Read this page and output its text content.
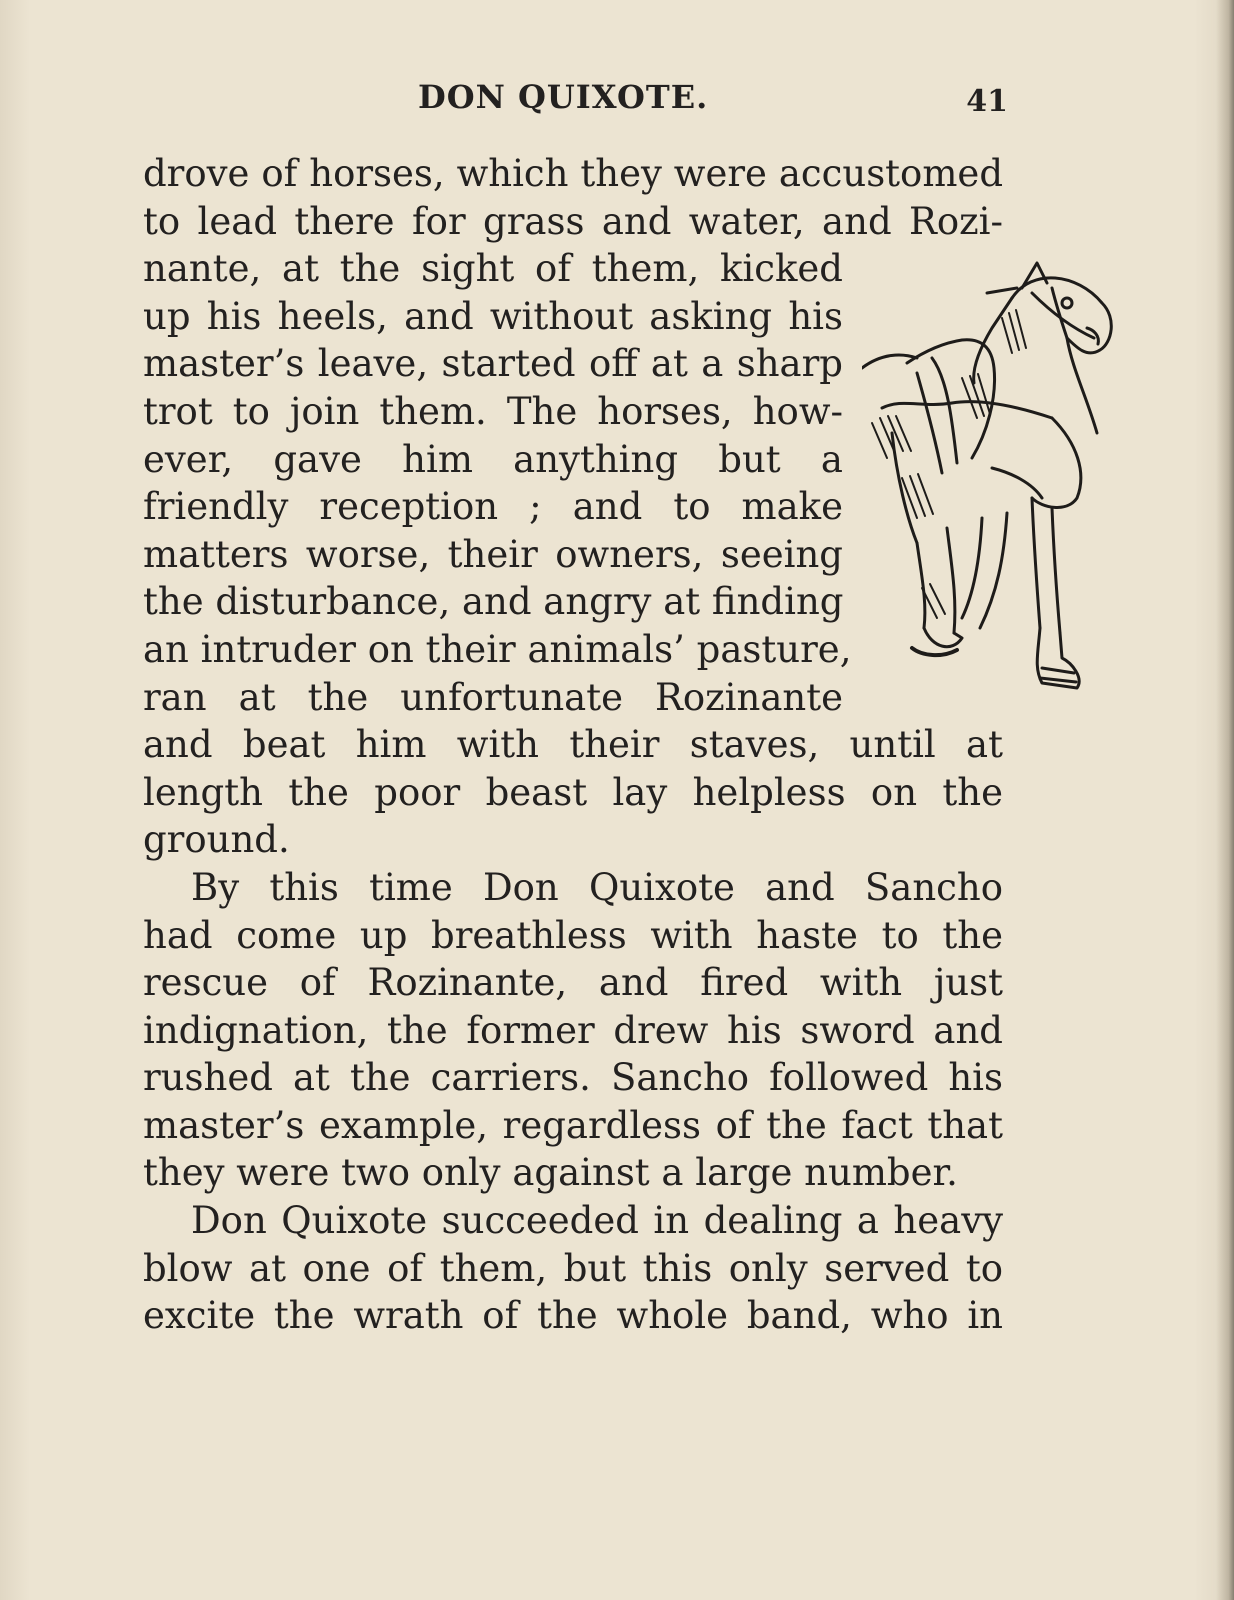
DON QUIXOTE.	41
drove of horses, which they were accustomed
to lead there for grass and water, and Rozi-
nante, at the sight of them, kicked
up his heels, and without asking his
master’s leave, started off at a sharp
trot to join them. The horses, how-
ever, gave him anything but a
friendly reception ; and to make
matters worse, their owners, seeing
the disturbance, and angry at finding
an intruder on their animals’ pasture,
ran at the unfortunate Rozinante
and beat him with their staves, until at
length the poor beast lay helpless on the
ground.
By this time Don Quixote and Sancho
had come up breathless with haste to the
rescue of Rozinante, and fired with just
indignation, the former drew his sword and
rushed at the carriers. Sancho followed his
master’s example, regardless of the fact that
they were two only against a large number.
Don Quixote succeeded in dealing a heavy
blow at one of them, but this only served to
excite the wrath of the whole band, who in
